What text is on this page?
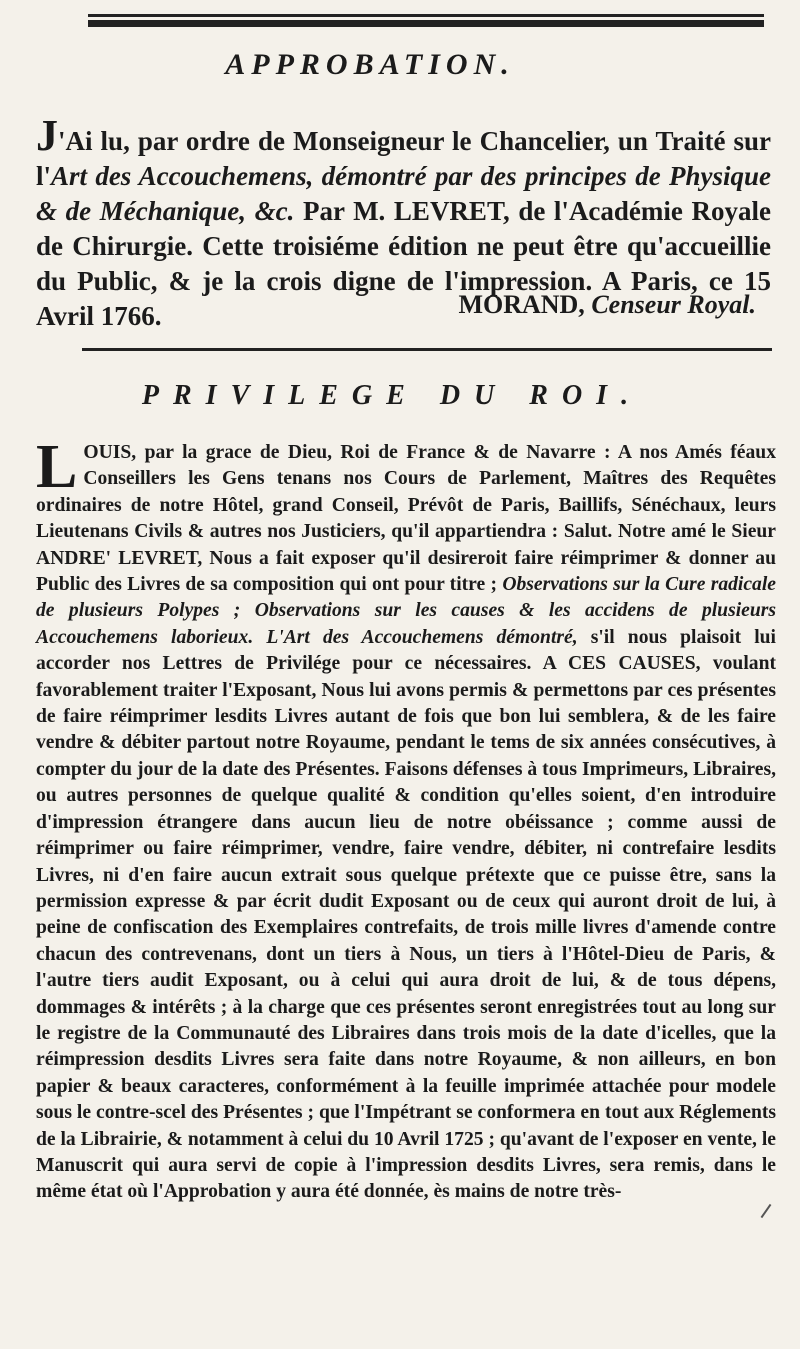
APPROBATION.
J'Ai lu, par ordre de Monseigneur le Chancelier, un Traité sur l'Art des Accouchemens, démontré par des principes de Physique & de Méchanique, &c. Par M. LEVRET, de l'Académie Royale de Chirurgie. Cette troisiéme édition ne peut être qu'accueillie du Public, & je la crois digne de l'impression. A Paris, ce 15 Avril 1766.	MORAND, Censeur Royal.
PRIVILEGE DU ROI.
LOUIS, par la grace de Dieu, Roi de France & de Navarre : A nos Amés féaux Conseillers les Gens tenans nos Cours de Parlement, Maîtres des Requêtes ordinaires de notre Hôtel, grand Conseil, Prévôt de Paris, Baillifs, Sénéchaux, leurs Lieutenans Civils & autres nos Justiciers, qu'il appartiendra : Salut. Notre amé le Sieur ANDRE' LEVRET, Nous a fait exposer qu'il desireroit faire réimprimer & donner au Public des Livres de sa composition qui ont pour titre ; Observations sur la Cure radicale de plusieurs Polypes ; Observations sur les causes & les accidens de plusieurs Accouchemens laborieux. L'Art des Accouchemens démontré, s'il nous plaisoit lui accorder nos Lettres de Privilége pour ce nécessaires. A CES CAUSES, voulant favorablement traiter l'Exposant, Nous lui avons permis & permettons par ces présentes de faire réimprimer lesdits Livres autant de fois que bon lui semblera, & de les faire vendre & débiter partout notre Royaume, pendant le tems de six années consécutives, à compter du jour de la date des Présentes. Faisons défenses à tous Imprimeurs, Libraires, ou autres personnes de quelque qualité & condition qu'elles soient, d'en introduire d'impression étrangere dans aucun lieu de notre obéissance ; comme aussi de réimprimer ou faire réimprimer, vendre, faire vendre, débiter, ni contrefaire lesdits Livres, ni d'en faire aucun extrait sous quelque prétexte que ce puisse être, sans la permission expresse & par écrit dudit Exposant ou de ceux qui auront droit de lui, à peine de confiscation des Exemplaires contrefaits, de trois mille livres d'amende contre chacun des contrevenans, dont un tiers à Nous, un tiers à l'Hôtel-Dieu de Paris, & l'autre tiers audit Exposant, ou à celui qui aura droit de lui, & de tous dépens, dommages & intérêts ; à la charge que ces présentes seront enregistrées tout au long sur le registre de la Communauté des Libraires dans trois mois de la date d'icelles, que la réimpression desdits Livres sera faite dans notre Royaume, & non ailleurs, en bon papier & beaux caracteres, conformément à la feuille imprimée attachée pour modele sous le contre-scel des Présentes ; que l'Impétrant se conformera en tout aux Réglements de la Librairie, & notamment à celui du 10 Avril 1725 ; qu'avant de l'exposer en vente, le Manuscrit qui aura servi de copie à l'impression desdits Livres, sera remis, dans le même état où l'Approbation y aura été donnée, ès mains de notre très-
